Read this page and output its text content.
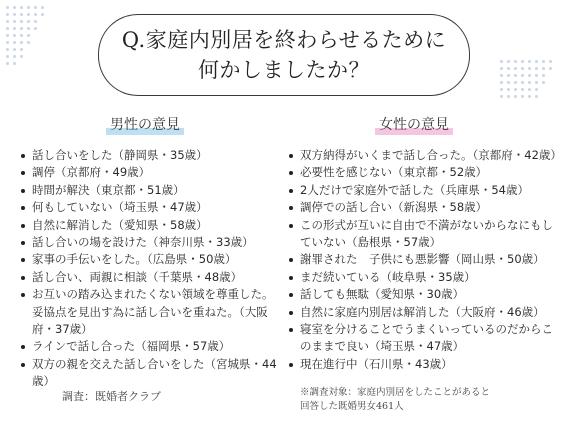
Q.家庭内別居を終わらせるために
何かしましたか？
男性の意見	女性の意見
話し合いをした（静岡県・35歳）
調停（京都府・49歳）
時間が解決（東京都・51歳）
何もしていない（埼玉県・47歳）
自然に解消した（愛知県・58歳）
話し合いの場を設けた（神奈川県・33歳）
家事の手伝いをした。（広島県・50歳）
話し合い、両親に相談（千葉県・48歳）
お互いの踏み込まれたくない領域を尊重した。妥協点を見出す為に話し合いを重ねた。（大阪府・37歳）
ラインで話し合った（福岡県・57歳）
双方の親を交えた話し合いをした（宮城県・44歳）
双方納得がいくまで話し合った。（京都府・42歳）
必要性を感じない（東京都・52歳）
2人だけで家庭外で話した（兵庫県・54歳）
調停での話し合い（新潟県・58歳）
この形式が互いに自由で不満がないからなにもしていない（島根県・57歳）
謝罪された　子供にも悪影響（岡山県・50歳）
まだ続いている（岐阜県・35歳）
話しても無駄（愛知県・30歳）
自然に家庭内別居は解消した（大阪府・46歳）
寝室を分けることでうまくいっているのだからこのままで良い（埼玉県・47歳）
現在進行中（石川県・43歳）
調査：既婚者クラブ	※調査対象：家庭内別居をしたことがあると
回答した既婚男女461人
